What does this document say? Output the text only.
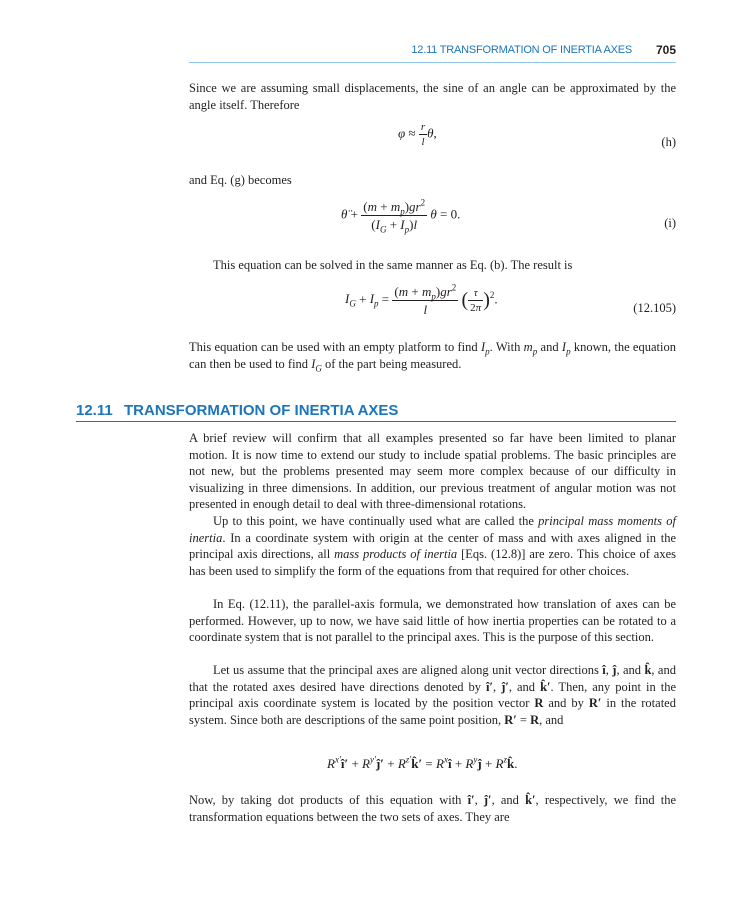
12.11 TRANSFORMATION OF INERTIA AXES 705

Since we are assuming small displacements, the sine of an angle can be approximated by the angle itself. Therefore

$\varphi \approx \frac{r}{l} \theta$,
(h)

and Eq. (g) becomes

θ̈ + $\frac{(m + m_p)gr^2}{(I_G + I_p)l}$ θ = 0.
(i)

This equation can be solved in the same manner as Eq. (b). The result is

$I_G + I_p = \frac{(m + m_p)gr^2}{l}$ ( $\frac{\tau}{2\pi} )^2$.
(12.105)

This equation can be used with an empty platform to find $I_p$. With $m_p$ and $I_p$ known, the equation can then be used to find $I_G$ of the part being measured.

12.11 TRANSFORMATION OF INERTIA AXES

A brief review will confirm that all examples presented so far have been limited to planar motion. It is now time to extend our study to include spatial problems. The basic principles are not new, but the problems presented may seem more complex because of our difficulty in visualizing in three dimensions. In addition, our previous treatment of angular motion was not presented in enough detail to deal with three-dimensional rotations.

Up to this point, we have continually used what are called the principal mass moments of inertia. In a coordinate system with origin at the center of mass and with axes aligned in the principal axis directions, all mass products of inertia [Eqs. (12.8)] are zero. This choice of axes has been used to simplify the form of the equations from that required for other choices.

In Eq. (12.11), the parallel-axis formula, we demonstrated how translation of axes can be performed. However, up to now, we have said little of how inertia properties can be rotated to a coordinate system that is not parallel to the principal axes. This is the purpose of this section.

Let us assume that the principal axes are aligned along unit vector directions î, ĵ, and k̂, and that the rotated axes desired have directions denoted by î′, ĵ′, and k̂′. Then, any point in the principal axis coordinate system is located by the position vector R and by R′ in the rotated system. Since both are descriptions of the same point position, R′ = R, and

$R^{x'}î'$ + $R^{y'}ĵ'$ + $R^{z'}k̂'$ = $R^xî$ + $R^yĵ$ + $R^zk̂$.

Now, by taking dot products of this equation with î′, ĵ′, and k̂′, respectively, we find the transformation equations between the two sets of axes. They are
